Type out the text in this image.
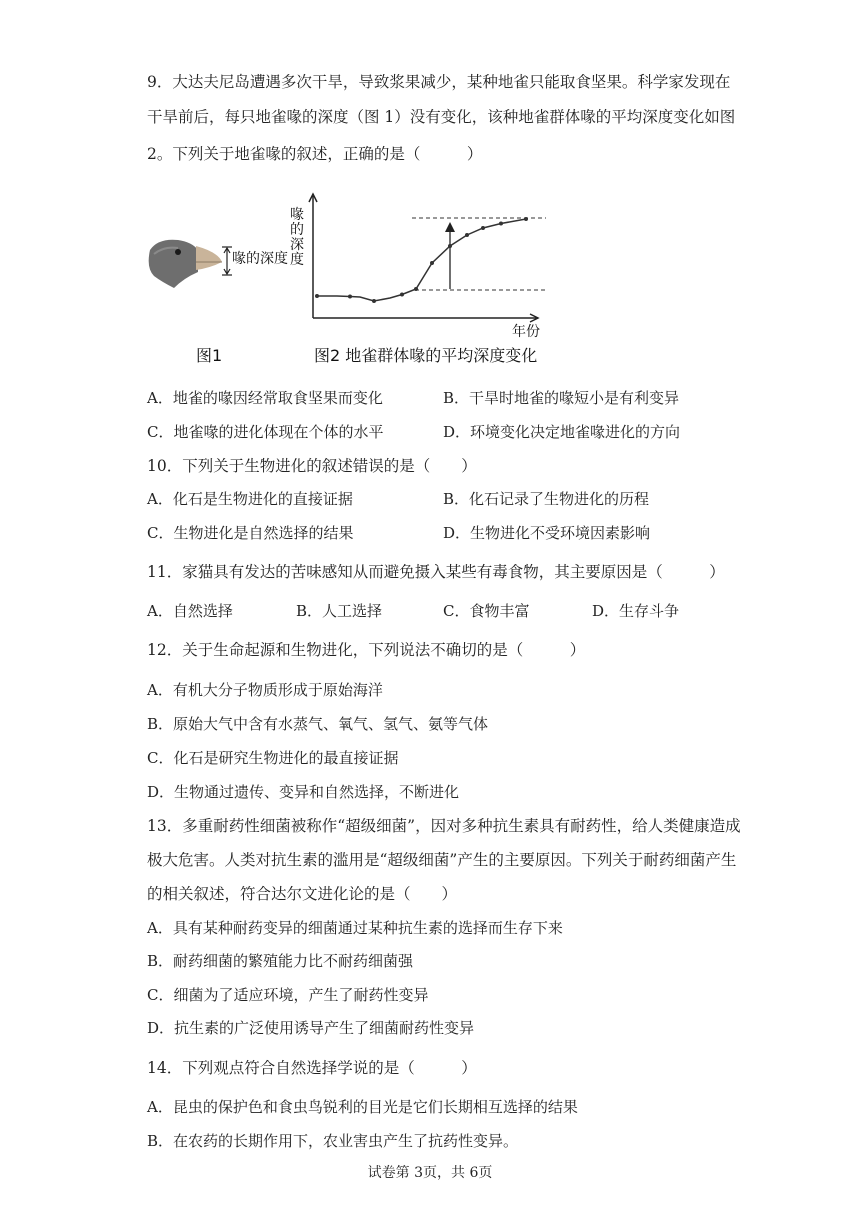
9．大达夫尼岛遭遇多次干旱，导致浆果减少，某种地雀只能取食坚果。科学家发现在
干旱前后，每只地雀喙的深度（图 1）没有变化，该种地雀群体喙的平均深度变化如图
2。下列关于地雀喙的叙述，正确的是（　　　）
喙的深度
图1
喙的深度
年份
图2 地雀群体喙的平均深度变化
A．地雀的喙因经常取食坚果而变化	B．干旱时地雀的喙短小是有利变异
C．地雀喙的进化体现在个体的水平	D．环境变化决定地雀喙进化的方向
10．下列关于生物进化的叙述错误的是（　　）
A．化石是生物进化的直接证据	B．化石记录了生物进化的历程
C．生物进化是自然选择的结果	D．生物进化不受环境因素影响
11．家猫具有发达的苦味感知从而避免摄入某些有毒食物，其主要原因是（　　　）
A．自然选择	B．人工选择	C．食物丰富	D．生存斗争
12．关于生命起源和生物进化，下列说法不确切的是（　　　）
A．有机大分子物质形成于原始海洋
B．原始大气中含有水蒸气、氧气、氢气、氨等气体
C．化石是研究生物进化的最直接证据
D．生物通过遗传、变异和自然选择，不断进化
13．多重耐药性细菌被称作“超级细菌”，因对多种抗生素具有耐药性，给人类健康造成
极大危害。人类对抗生素的滥用是“超级细菌”产生的主要原因。下列关于耐药细菌产生
的相关叙述，符合达尔文进化论的是（　　）
A．具有某种耐药变异的细菌通过某种抗生素的选择而生存下来
B．耐药细菌的繁殖能力比不耐药细菌强
C．细菌为了适应环境，产生了耐药性变异
D．抗生素的广泛使用诱导产生了细菌耐药性变异
14．下列观点符合自然选择学说的是（　　　）
A．昆虫的保护色和食虫鸟锐利的目光是它们长期相互选择的结果
B．在农药的长期作用下，农业害虫产生了抗药性变异。
试卷第 3页，共 6页
